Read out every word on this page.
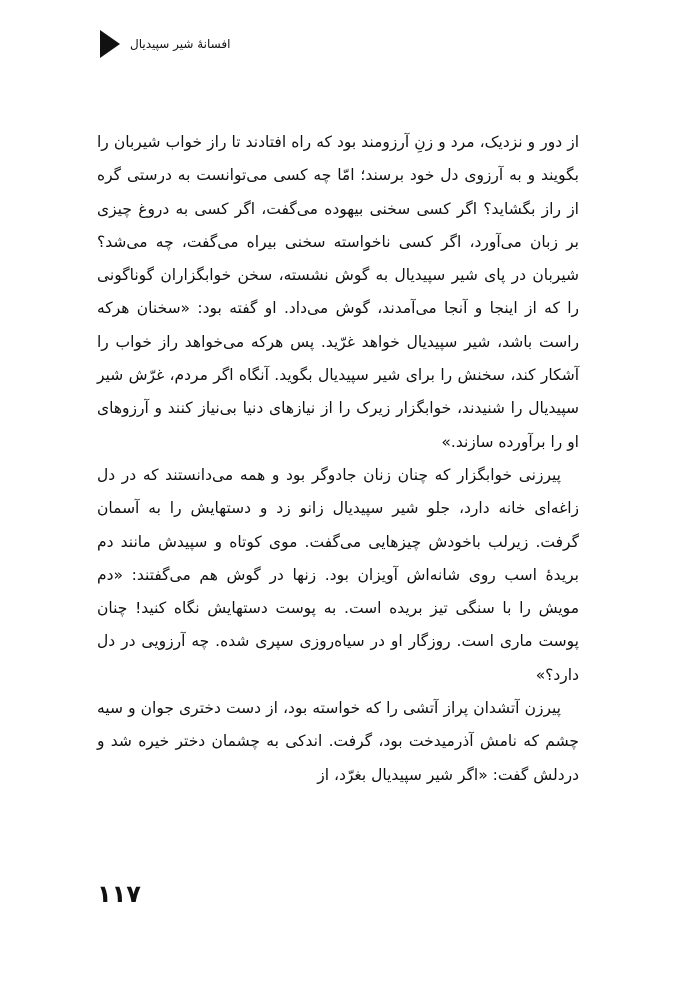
افسانهٔ شیر سپیدیال

از دور و نزدیک، مرد و زنِ آرزومند بود که راه افتادند تا راز خواب شیربان را بگویند و به آرزوی دل خود برسند؛ امّا چه کسی می‌توانست به درستی گره از راز بگشاید؟ اگر کسی سخنی بیهوده می‌گفت، اگر کسی به دروغ چیزی بر زبان می‌آورد، اگر کسی ناخواسته سخنی بیراه می‌گفت، چه می‌شد؟ شیربان در پای شیر سپیدیال به گوش نشسته، سخن خوابگزاران گوناگونی را که از اینجا و آنجا می‌آمدند، گوش می‌داد. او گفته بود: «سخنان هرکه راست باشد، شیر سپیدیال خواهد غرّید. پس هرکه می‌خواهد راز خواب را آشکار کند، سخنش را برای شیر سپیدیال بگوید. آنگاه اگر مردم، غرّش شیر سپیدیال را شنیدند، خوابگزار زیرک را از نیازهای دنیا بی‌نیاز کنند و آرزوهای او را برآورده سازند.»

پیرزنی خوابگزار که چنان زنان جادوگر بود و همه می‌دانستند که در دل زاغه‌ای خانه دارد، جلو شیر سپیدیال زانو زد و دستهایش را به آسمان گرفت. زیرلب باخودش چیزهایی می‌گفت. موی کوتاه و سپیدش مانند دم بریدهٔ اسب روی شانه‌اش آویزان بود. زنها در گوش هم می‌گفتند: «دم مویش را با سنگی تیز بریده است. به پوست دستهایش نگاه کنید! چنان پوست ماری است. روزگار او در سیاه‌روزی سپری شده. چه آرزویی در دل دارد؟»

پیرزن آتشدان پراز آتشی را که خواسته بود، از دست دختری جوان و سیه چشم که نامش آذرمیدخت بود، گرفت. اندکی به چشمان دختر خیره شد و دردلش گفت: «اگر شیر سپیدیال بغرّد، از

۱۱۷
